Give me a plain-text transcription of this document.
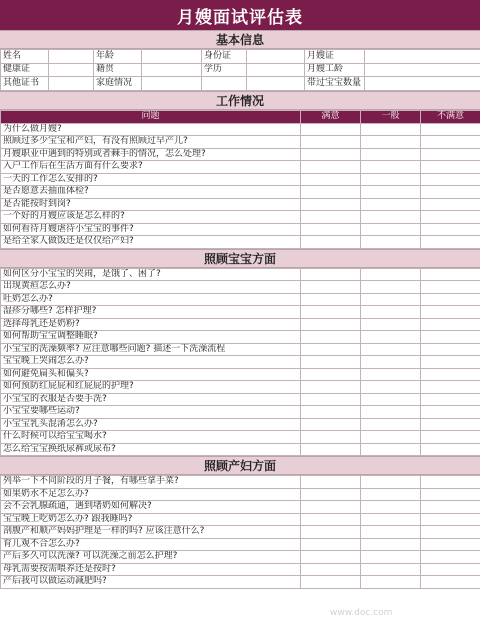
月嫂面试评估表
基本信息
姓名		年龄		身份证		月嫂证	
健康证		籍贯		学历		月嫂工龄	
其他证书		家庭情况				带过宝宝数量	
工作情况
问题	满意	一般	不满意
为什么做月嫂?			
照顾过多少宝宝和产妇，有没有照顾过早产儿?			
月嫂职业中遇到的特别或者棘手的情况，怎么处理?			
入户工作后在生活方面有什么要求?			
一天的工作怎么安排的?			
是否愿意去抽血体检?			
是否能按时到岗?			
一个好的月嫂应该是怎么样的?			
如何看待月嫂虐待小宝宝的事件?			
是给全家人做饭还是仅仅给产妇?			
照顾宝宝方面
如何区分小宝宝的哭闹，是饿了、困了?			
出现黄疸怎么办?			
吐奶怎么办?			
湿疹分哪些? 怎样护理?			
选择母乳还是奶粉?			
如何帮助宝宝调整睡眠?			
小宝宝的洗澡频率? 应注意哪些问题? 描述一下洗澡流程			
宝宝晚上哭闹怎么办?			
如何避免扁头和偏头?			
如何预防红屁屁和红屁屁的护理?			
小宝宝的衣服是否要手洗?			
小宝宝要哪些运动?			
小宝宝乳头混淆怎么办?			
什么时候可以给宝宝喝水?			
怎么给宝宝换纸尿裤或尿布?			
照顾产妇方面
列举一下不同阶段的月子餐，有哪些拿手菜?			
如果奶水不足怎么办?			
会不会乳腺疏通，遇到堵奶如何解决?			
宝宝晚上吃奶怎么办? 跟我睡吗?			
剖腹产和顺产妈妈护理是一样的吗? 应该注意什么?			
育儿观不合怎么办?			
产后多久可以洗澡? 可以洗澡之前怎么护理?			
母乳需要按需喂养还是按时?			
产后我可以做运动减肥吗?			
www.doc.com
